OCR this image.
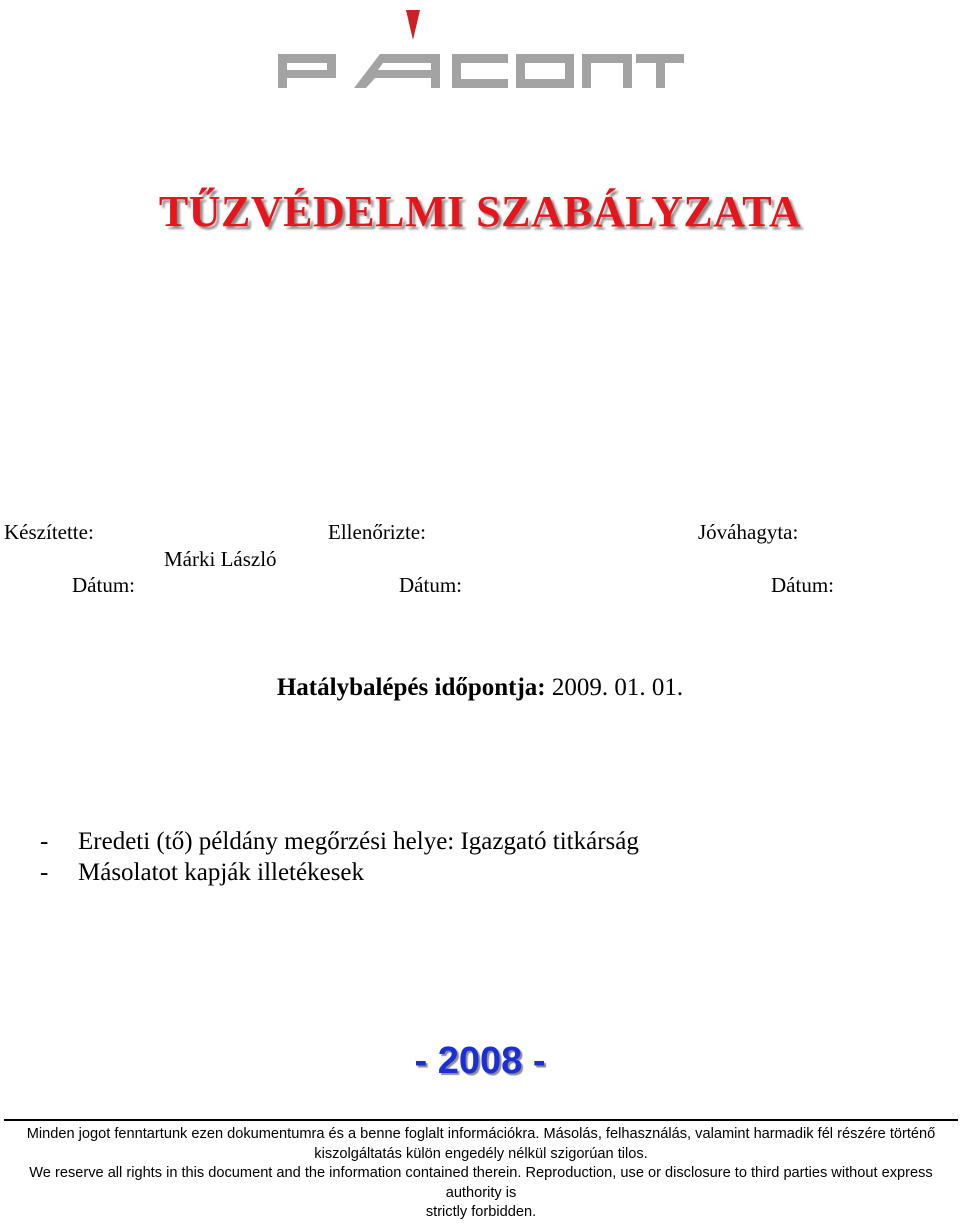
TŰZVÉDELMI SZABÁLYZATA
Készítette:	Ellenőrizte:	Jóváhagyta:
Márki László
Dátum:	Dátum:	Dátum:
Hatálybalépés időpontja: 2009. 01. 01.
- Eredeti (tő) példány megőrzési helye: Igazgató titkárság
- Másolatot kapják illetékesek
- 2008 -

Minden jogot fenntartunk ezen dokumentumra és a benne foglalt információkra. Másolás, felhasználás, valamint harmadik fél részére történő kiszolgáltatás külön engedély nélkül szigorúan tilos.

We reserve all rights in this document and the information contained therein. Reproduction, use or disclosure to third parties without express authority is

strictly forbidden.
